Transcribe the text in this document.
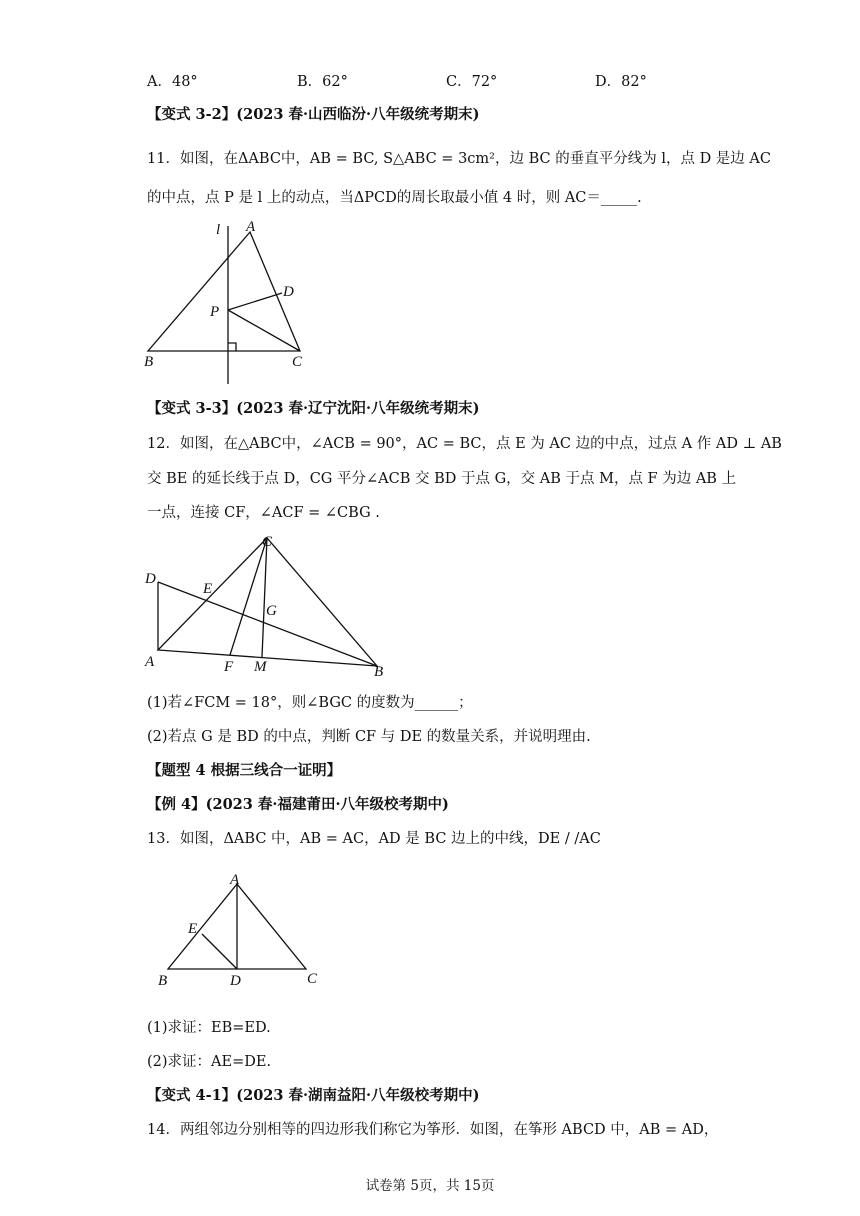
A．48°	B．62°	C．72°	D．82°
【变式 3-2】(2023 春·山西临汾·八年级统考期末)
11．如图，在ΔABC中，AB = BC, S△ABC = 3cm²，边 BC 的垂直平分线为 l，点 D 是边 AC
的中点，点 P 是 l 上的动点，当ΔPCD的周长取最小值 4 时，则 AC＝_____.
l A
D
P
B	C
【变式 3-3】(2023 春·辽宁沈阳·八年级统考期末)
12．如图，在△ABC中，∠ACB = 90°，AC = BC，点 E 为 AC 边的中点，过点 A 作 AD ⊥ AB
交 BE 的延长线于点 D，CG 平分∠ACB 交 BD 于点 G，交 AB 于点 M，点 F 为边 AB 上
一点，连接 CF，∠ACF = ∠CBG .
C
D
E
G
A	F M	B
(1)若∠FCM = 18°，则∠BGC 的度数为______；
(2)若点 G 是 BD 的中点，判断 CF 与 DE 的数量关系，并说明理由.
【题型 4 根据三线合一证明】
【例 4】(2023 春·福建莆田·八年级校考期中)
13．如图，ΔABC 中，AB = AC，AD 是 BC 边上的中线，DE / /AC
A
E
B	D	C
(1)求证：EB=ED.
(2)求证：AE=DE.
【变式 4-1】(2023 春·湖南益阳·八年级校考期中)
14．两组邻边分别相等的四边形我们称它为筝形．如图，在筝形 ABCD 中，AB = AD，
试卷第 5页，共 15页
